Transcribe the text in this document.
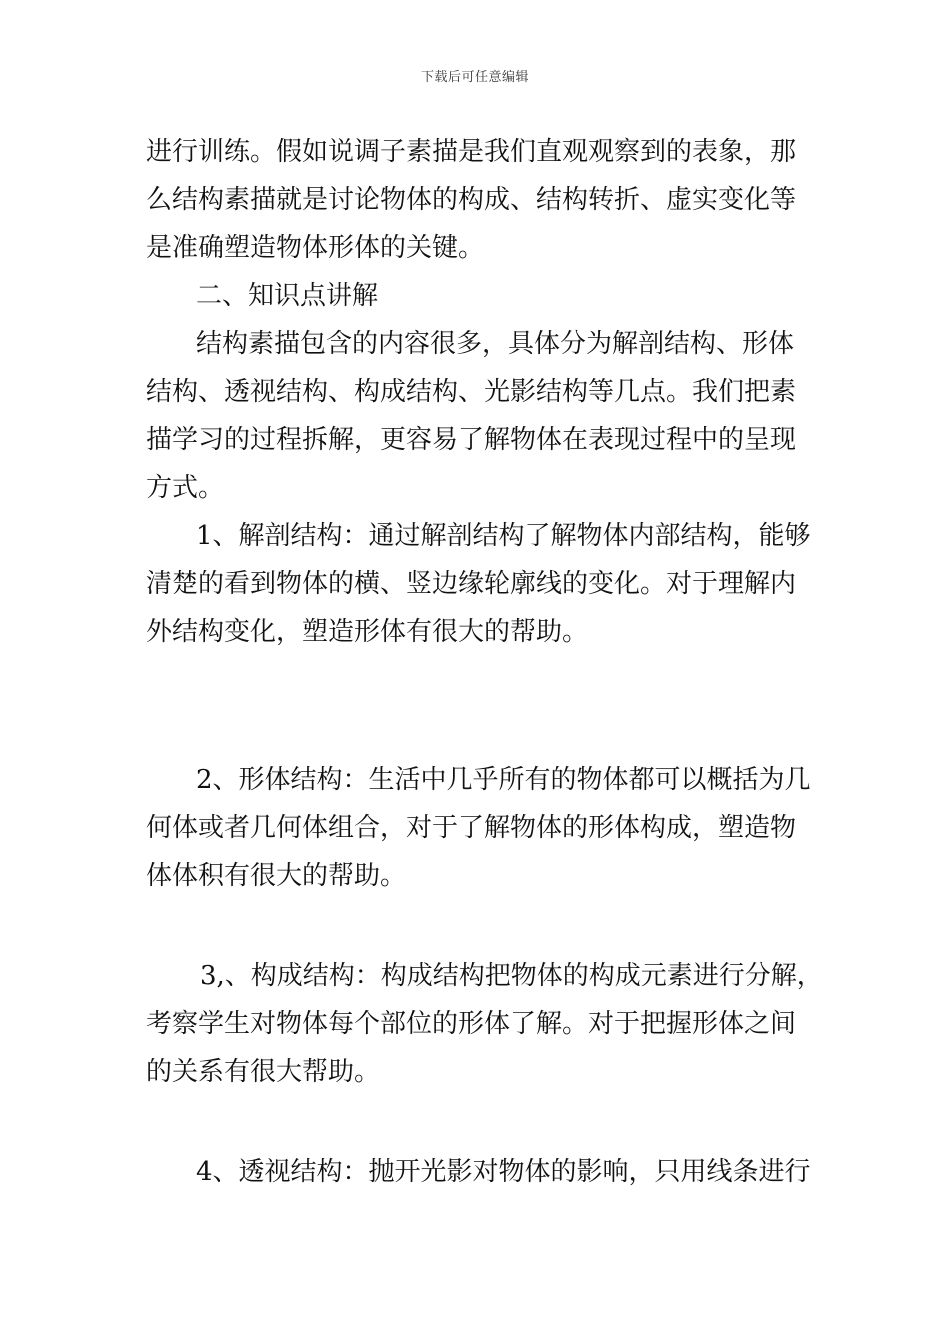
下载后可任意编辑
进行训练。假如说调子素描是我们直观观察到的表象，那
么结构素描就是讨论物体的构成、结构转折、虚实变化等
是准确塑造物体形体的关键。
二、知识点讲解
结构素描包含的内容很多，具体分为解剖结构、形体
结构、透视结构、构成结构、光影结构等几点。我们把素
描学习的过程拆解，更容易了解物体在表现过程中的呈现
方式。
1、解剖结构：通过解剖结构了解物体内部结构，能够
清楚的看到物体的横、竖边缘轮廓线的变化。对于理解内
外结构变化，塑造形体有很大的帮助。
2、形体结构：生活中几乎所有的物体都可以概括为几
何体或者几何体组合，对于了解物体的形体构成，塑造物
体体积有很大的帮助。
3,、构成结构：构成结构把物体的构成元素进行分解，
考察学生对物体每个部位的形体了解。对于把握形体之间
的关系有很大帮助。
4、透视结构：抛开光影对物体的影响，只用线条进行
